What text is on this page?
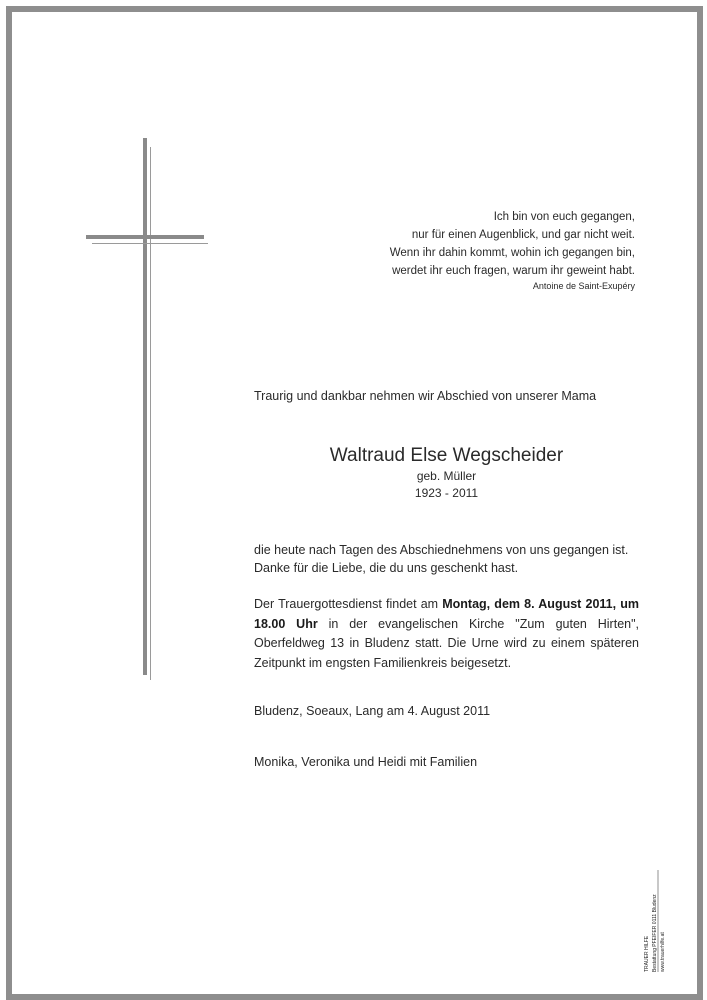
Ich bin von euch gegangen,
nur für einen Augenblick, und gar nicht weit.
Wenn ihr dahin kommt, wohin ich gegangen bin,
werdet ihr euch fragen, warum ihr geweint habt.
Antoine de Saint-Exupéry
Traurig und dankbar nehmen wir Abschied von unserer Mama
Waltraud Else Wegscheider
geb. Müller
1923 - 2011
die heute nach Tagen des Abschiednehmens von uns gegangen ist.
Danke für die Liebe, die du uns geschenkt hast.
Der Trauergottesdienst findet am Montag, dem 8. August 2011, um 18.00 Uhr in der evangelischen Kirche "Zum guten Hirten", Oberfeldweg 13 in Bludenz statt. Die Urne wird zu einem späteren Zeitpunkt im engsten Familienkreis beigesetzt.
Bludenz, Soeaux, Lang am 4. August 2011
Monika, Veronika und Heidi mit Familien
TRAUER HILFE Bestattung PFEIFER 0111 Bludenz www.trauerhilfe.at
